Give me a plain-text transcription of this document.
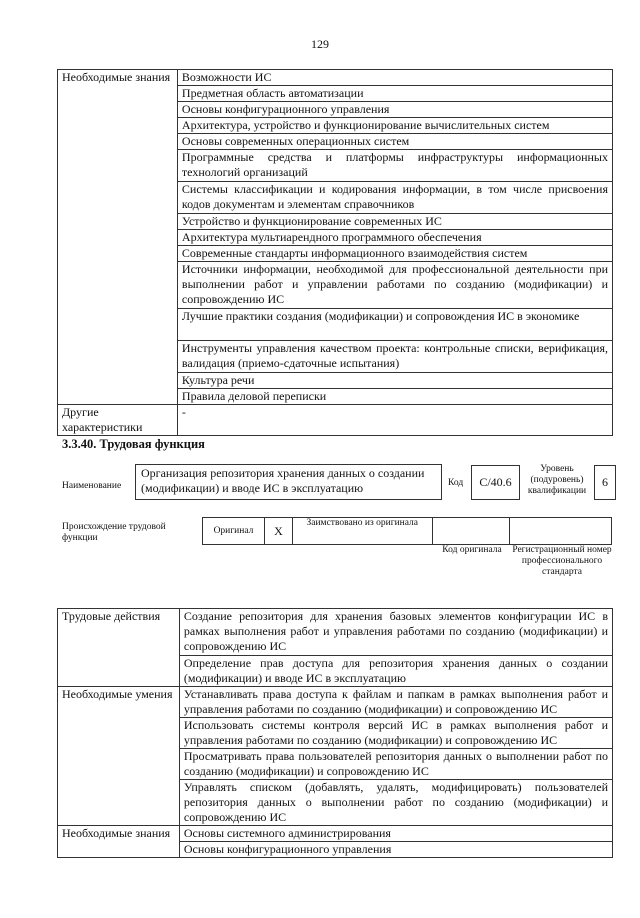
129
Необходимые знания	Возможности ИС
	Предметная область автоматизации
	Основы конфигурационного управления
	Архитектура, устройство и функционирование вычислительных систем
	Основы современных операционных систем
	Программные средства и платформы инфраструктуры информационных технологий организаций
	Системы классификации и кодирования информации, в том числе присвоения кодов документам и элементам справочников
	Устройство и функционирование современных ИС
	Архитектура мультиарендного программного обеспечения
	Современные стандарты информационного взаимодействия систем
	Источники информации, необходимой для профессиональной деятельности при выполнении работ и управлении работами по созданию (модификации) и сопровождению ИС
	Лучшие практики создания (модификации) и сопровождения ИС в экономике
	Инструменты управления качеством проекта: контрольные списки, верификация, валидация (приемо-сдаточные испытания)
	Культура речи
	Правила деловой переписки
Другие характеристики	-
3.3.40. Трудовая функция
Наименование
Организация репозитория хранения данных о создании (модификации) и вводе ИС в эксплуатацию	Код	C/40.6
Уровень (подуровень) квалификации
6
Происхождение трудовой функции
Оригинал	X	Заимствовано из оригинала		
Код оригинала	Регистрационный номер профессионального стандарта
Трудовые действия	Создание репозитория для хранения базовых элементов конфигурации ИС в рамках выполнения работ и управления работами по созданию (модификации) и сопровождению ИС
	Определение прав доступа для репозитория хранения данных о создании (модификации) и вводе ИС в эксплуатацию
Необходимые умения	Устанавливать права доступа к файлам и папкам в рамках выполнения работ и управления работами по созданию (модификации) и сопровождению ИС
	Использовать системы контроля версий ИС в рамках выполнения работ и управления работами по созданию (модификации) и сопровождению ИС
	Просматривать права пользователей репозитория данных о выполнении работ по созданию (модификации) и сопровождению ИС
	Управлять списком (добавлять, удалять, модифицировать) пользователей репозитория данных о выполнении работ по созданию (модификации) и сопровождению ИС
Необходимые знания	Основы системного администрирования
	Основы конфигурационного управления
